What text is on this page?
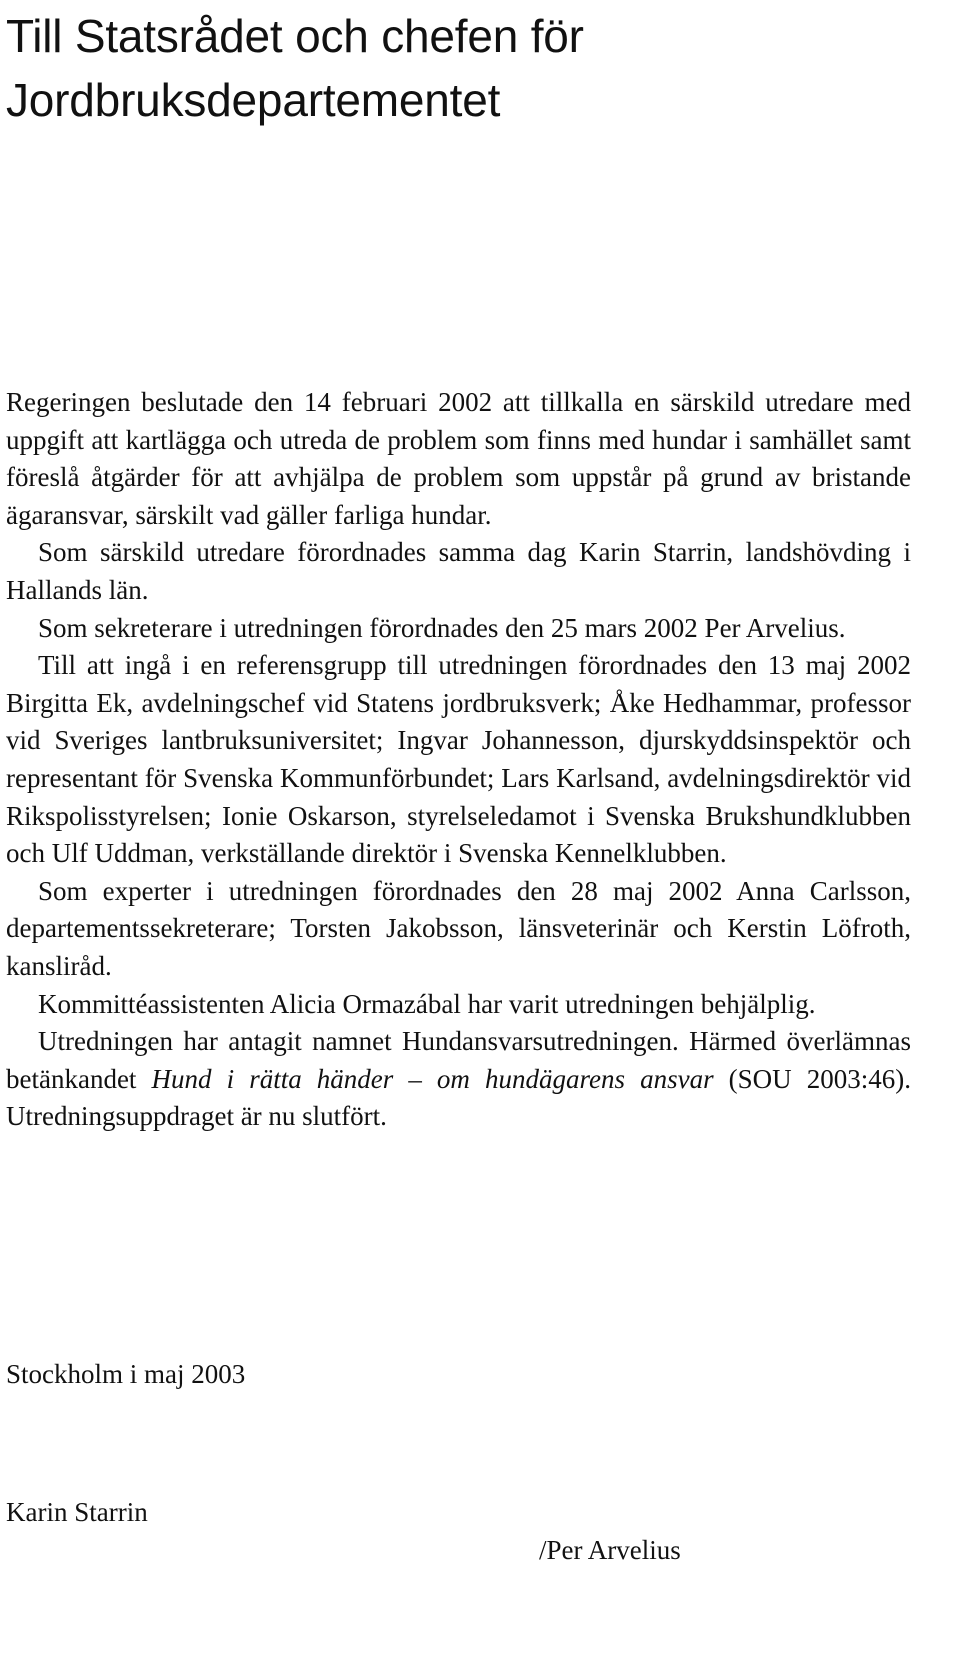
Till Statsrådet och chefen för
Jordbruksdepartementet

Regeringen beslutade den 14 februari 2002 att tillkalla en särskild utredare med uppgift att kartlägga och utreda de problem som finns med hundar i samhället samt föreslå åtgärder för att avhjälpa de problem som uppstår på grund av bristande ägaransvar, särskilt vad gäller farliga hundar.

Som särskild utredare förordnades samma dag Karin Starrin, landshövding i Hallands län.

Som sekreterare i utredningen förordnades den 25 mars 2002 Per Arvelius.

Till att ingå i en referensgrupp till utredningen förordnades den 13 maj 2002 Birgitta Ek, avdelningschef vid Statens jordbruksverk; Åke Hedhammar, professor vid Sveriges lantbruksuniversitet; Ingvar Johannesson, djurskyddsinspektör och representant för Svenska Kommunförbundet; Lars Karlsand, avdelningsdirektör vid Rikspolisstyrelsen; Ionie Oskarson, styrelseledamot i Svenska Brukshundklubben och Ulf Uddman, verkställande direktör i Svenska Kennelklubben.

Som experter i utredningen förordnades den 28 maj 2002 Anna Carlsson, departementssekreterare; Torsten Jakobsson, länsveterinär och Kerstin Löfroth, kansliråd.

Kommittéassistenten Alicia Ormazábal har varit utredningen behjälplig.

Utredningen har antagit namnet Hundansvarsutredningen. Härmed överlämnas betänkandet Hund i rätta händer – om hundägarens ansvar (SOU 2003:46). Utredningsuppdraget är nu slutfört.

Stockholm i maj 2003

Karin Starrin

/Per Arvelius
